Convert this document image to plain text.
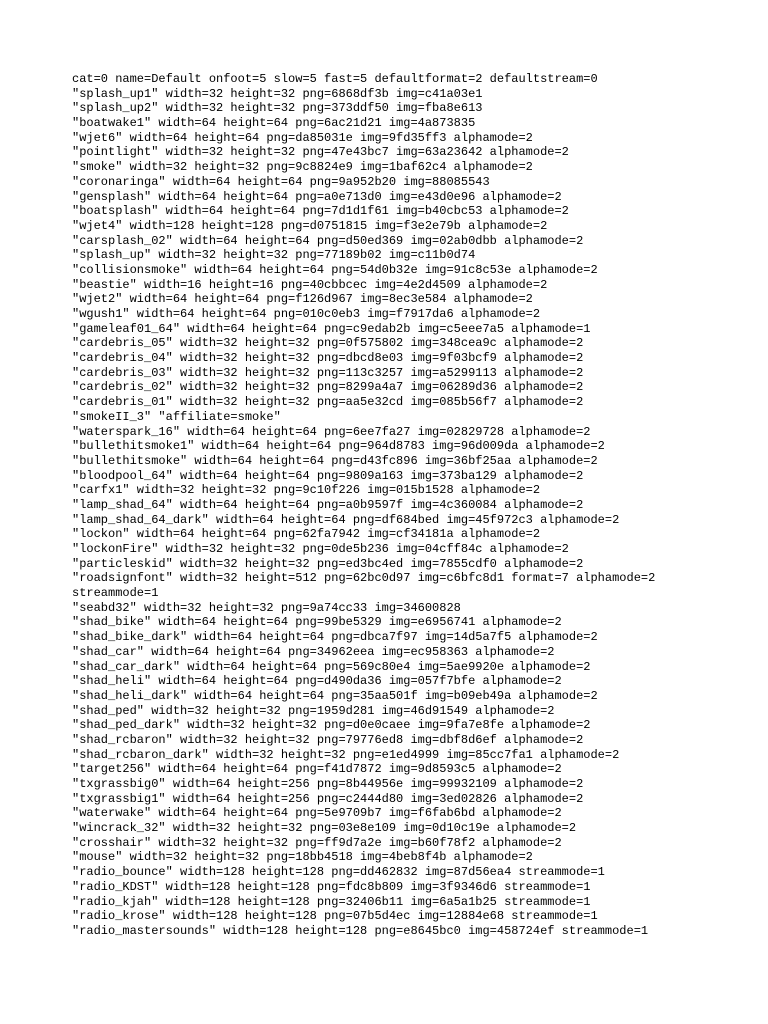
cat=0 name=Default onfoot=5 slow=5 fast=5 defaultformat=2 defaultstream=0
"splash_up1" width=32 height=32 png=6868df3b img=c41a03e1
"splash_up2" width=32 height=32 png=373ddf50 img=fba8e613
"boatwake1" width=64 height=64 png=6ac21d21 img=4a873835
"wjet6" width=64 height=64 png=da85031e img=9fd35ff3 alphamode=2
"pointlight" width=32 height=32 png=47e43bc7 img=63a23642 alphamode=2
"smoke" width=32 height=32 png=9c8824e9 img=1baf62c4 alphamode=2
"coronaringa" width=64 height=64 png=9a952b20 img=88085543
"gensplash" width=64 height=64 png=a0e713d0 img=e43d0e96 alphamode=2
"boatsplash" width=64 height=64 png=7d1d1f61 img=b40cbc53 alphamode=2
"wjet4" width=128 height=128 png=d0751815 img=f3e2e79b alphamode=2
"carsplash_02" width=64 height=64 png=d50ed369 img=02ab0dbb alphamode=2
"splash_up" width=32 height=32 png=77189b02 img=c11b0d74
"collisionsmoke" width=64 height=64 png=54d0b32e img=91c8c53e alphamode=2
"beastie" width=16 height=16 png=40cbbcec img=4e2d4509 alphamode=2
"wjet2" width=64 height=64 png=f126d967 img=8ec3e584 alphamode=2
"wgush1" width=64 height=64 png=010c0eb3 img=f7917da6 alphamode=2
"gameleaf01_64" width=64 height=64 png=c9edab2b img=c5eee7a5 alphamode=1
"cardebris_05" width=32 height=32 png=0f575802 img=348cea9c alphamode=2
"cardebris_04" width=32 height=32 png=dbcd8e03 img=9f03bcf9 alphamode=2
"cardebris_03" width=32 height=32 png=113c3257 img=a5299113 alphamode=2
"cardebris_02" width=32 height=32 png=8299a4a7 img=06289d36 alphamode=2
"cardebris_01" width=32 height=32 png=aa5e32cd img=085b56f7 alphamode=2
"smokeII_3" "affiliate=smoke"
"waterspark_16" width=64 height=64 png=6ee7fa27 img=02829728 alphamode=2
"bullethitsmoke1" width=64 height=64 png=964d8783 img=96d009da alphamode=2
"bullethitsmoke" width=64 height=64 png=d43fc896 img=36bf25aa alphamode=2
"bloodpool_64" width=64 height=64 png=9809a163 img=373ba129 alphamode=2
"carfx1" width=32 height=32 png=9c10f226 img=015b1528 alphamode=2
"lamp_shad_64" width=64 height=64 png=a0b9597f img=4c360084 alphamode=2
"lamp_shad_64_dark" width=64 height=64 png=df684bed img=45f972c3 alphamode=2
"lockon" width=64 height=64 png=62fa7942 img=cf34181a alphamode=2
"lockonFire" width=32 height=32 png=0de5b236 img=04cff84c alphamode=2
"particleskid" width=32 height=32 png=ed3bc4ed img=7855cdf0 alphamode=2
"roadsignfont" width=32 height=512 png=62bc0d97 img=c6bfc8d1 format=7 alphamode=2
streammode=1
"seabd32" width=32 height=32 png=9a74cc33 img=34600828
"shad_bike" width=64 height=64 png=99be5329 img=e6956741 alphamode=2
"shad_bike_dark" width=64 height=64 png=dbca7f97 img=14d5a7f5 alphamode=2
"shad_car" width=64 height=64 png=34962eea img=ec958363 alphamode=2
"shad_car_dark" width=64 height=64 png=569c80e4 img=5ae9920e alphamode=2
"shad_heli" width=64 height=64 png=d490da36 img=057f7bfe alphamode=2
"shad_heli_dark" width=64 height=64 png=35aa501f img=b09eb49a alphamode=2
"shad_ped" width=32 height=32 png=1959d281 img=46d91549 alphamode=2
"shad_ped_dark" width=32 height=32 png=d0e0caee img=9fa7e8fe alphamode=2
"shad_rcbaron" width=32 height=32 png=79776ed8 img=dbf8d6ef alphamode=2
"shad_rcbaron_dark" width=32 height=32 png=e1ed4999 img=85cc7fa1 alphamode=2
"target256" width=64 height=64 png=f41d7872 img=9d8593c5 alphamode=2
"txgrassbig0" width=64 height=256 png=8b44956e img=99932109 alphamode=2
"txgrassbig1" width=64 height=256 png=c2444d80 img=3ed02826 alphamode=2
"waterwake" width=64 height=64 png=5e9709b7 img=f6fab6bd alphamode=2
"wincrack_32" width=32 height=32 png=03e8e109 img=0d10c19e alphamode=2
"crosshair" width=32 height=32 png=ff9d7a2e img=b60f78f2 alphamode=2
"mouse" width=32 height=32 png=18bb4518 img=4beb8f4b alphamode=2
"radio_bounce" width=128 height=128 png=dd462832 img=87d56ea4 streammode=1
"radio_KDST" width=128 height=128 png=fdc8b809 img=3f9346d6 streammode=1
"radio_kjah" width=128 height=128 png=32406b11 img=6a5a1b25 streammode=1
"radio_krose" width=128 height=128 png=07b5d4ec img=12884e68 streammode=1
"radio_mastersounds" width=128 height=128 png=e8645bc0 img=458724ef streammode=1
